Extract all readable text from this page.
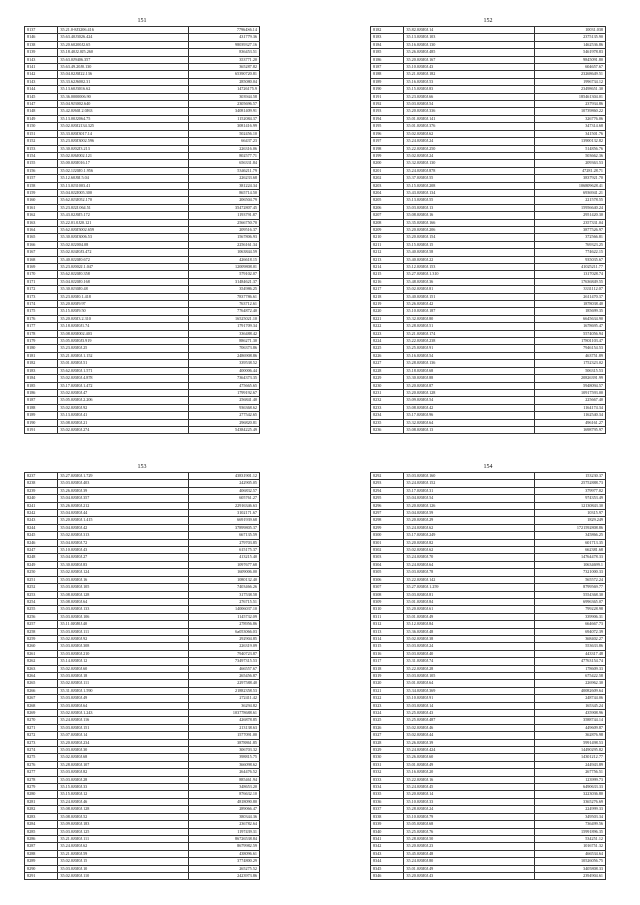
151
8137	35.21.0-8J3206.416	77964S6.14
8146	35.63.40J3026.424	431779.36
8138	35.20.60200J2.65	98039327.16
8139	35.18.40J2.0J5.260	836453.51
8143	35.63.0J9406.357	353771.20
8141	35.63.49.20J0.130	365287.82
8142	35.04.02J0J22.136	65390720.81
8143	35.33.62J6002.31	285080.04
8144	35.13.60J3016.62	14726175.9
8145	35.36.0000006.90	303944.58
8147	35.04.9J3002.640	2305696.57
8148	35.42.0J60J.2.0J63	34081409.91
8149	35.13.00J2064.75	1152084.37
8150	35.02.0J0J2134.325	3081416.99
8151	35.33.0J0J3017.14	502456.10
8152	35.23.0J0J3002.596	66437.23
8153	35.30.0J02J3.213	226316.06
8154	35.02.0J6J002.121	802577.71
8155	35.00.0J0J016.17	656331.84
8156	35.02.1J20J0.1.956	5346211.79
8157	35.12.60J0J.5.04	226233.68
8158	35.13.0J31003.41	381224.34
8159	35.04.0J2J005.300	865714.50
8160	35.62.0J3J052.170	206504.79
8161	35.23.0J2J.064.51	35472807.45
8162	35.43.02J0J5.172	1193791.87
8163	35.22.01.0J20.121	2566750.70
8164	35.62.0J0J5002.659	209516.37
8165	35.30.0J0J3006.53	1567806.93
8166	35.02.0J2004.08	2256161.34
8167	35.02.0J4J0J3.472	1063844.59
8168	35.40.0J20J0.672	426618.15
8169	35.23.0J002J.1.047	12009808.01
8170	35.62.0J20J0.358	579102.07
8171	35.04.0J20J0.168	31484621.37
8172	35.30.0J30J0.48	354986.25
8173	35.23.0J0J0.1.418	7837786.61
8174	35.20.0J0J9.97	763712.61
8175	35.15.0J0J9.50	7764872.40
8176	35.20.0J0J3.2.310	16525021.10
8177	35.18.0J0J0J1.74	1791709.34
8178	35.08.0J0J002.403	336488.42
8179	35.05.0J0J0J3.919	886271.30
8180	35.23.0J0J0J.25	706373.86
8181	35.21.0J0J0J.1.152	2486908.86
8182	35.01.0J0J0J.51	339538.52
8183	35.62.0J0J0J.1.571	400006.44
8184	35.02.0J0J0J.4.878	7364373.35
8185	35.17.0J0J0J.1.472	475665.65
8186	35.02.0J0J0J.47	1799192.67
8187	35.05.0J0J0J.2.206	256841.40
8188	35.02.0J0J0J.92	936368.62
8189	35.13.0J0J0J.41	277542.65
8190	35.08.0J0J0J.21	296820.81
8191	35.02.0J0J0J.274	54384225.49
152
8182	35.82.0J0J0J.14	10031.038
8183	35.13.0J0J0J.103	2375135.90
8184	35.16.0J0J0J.130	1462536.86
8185	35.26.0J0J0J.485	5461978.83
8186	35.20.0J0J0J.167	9845091.80
8187	35.10.0J0J0J.43	604657.67
8188	35.21.0J0J0J.182	23268649.51
8189	35.16.0J0J0J.53	1996734.12
8190	35.15.0J0J0J.83	23498651.30
8191	35.23.0J0J0J.66	185461304.01
8192	35.03.0J0J0J.54	237934.86
8193	35.20.0J0J0J.336	10739860.22
8194	35.01.0J0J0J.141	326776.06
8195	35.01.0J0J0J.376	347314.68
8196	35.02.0J0J0J.62	341501.76
8197	35.24.0J0J0J.24	13900132.82
8198	35.22.0J0J0J.250	514856.76
8199	35.02.0J0J0J.24	503662.36
8200	35.32.0J0J0J.130	209363.53
8201	35.24.0J0J0J.878	47281.28.71
8202	35.37.0J0J0J.55	3837921.70
8203	35.15.0J0J0J.208	106809628.41
8204	35.43.0J0J0J.134	6936941.21
8205	35.13.0J0J0J.55	221578.55
8206	35.03.0J0J0J.13	15956640.24
8207	35.08.0J0J0J.16	2951420.30
8208	35.35.0J0J0J.166	2357331.04
8209	35.20.0J0J0J.206	3877526.97
8210	35.20.0J0J0J.154	372566.81
8211	35.15.0J0J0J.15	769323.25
8212	35.40.0J0J0J.58	774622.15
8213	35.40.0J0J0J.22	935035.67
8214	35.12.0J0J0J.153	41025211.77
8215	35.27.0J0J0J.1.310	1317028.74
8216	35.48.0J0J0J.36	17636849.55
8217	35.02.0J0J0J.81	3331112.07
8218	35.40.0J0J0J.151	2611470.37
8219	35.26.0J0J0J.42	1878038.40
8220	35.10.0J0J0J.187	185699.35
8221	35.32.0J0J0J.80	6645634.90
8222	35.28.0J0J0J.51	1678695.47
8223	35.21.0J0J0J.174	5574056.94
8224	35.22.0J0J0J.238	17801103.47
8225	35.25.0J0J0J.91	7946154.53
8226	35.16.0J0J0J.54	463751.89
8227	35.28.0J0J0J.136	1752323.02
8228	35.18.0J0J0J.68	506315.53
8229	35.30.0J0J0J.88	20826391.99
8230	35.20.0J0J0J.87	5948094.57
8231	35.20.0J0J0J.128	10917593.00
8232	35.09.0J0J0J.54	225667.40
8233	35.08.0J0J0J.42	1164174.34
8234	35.17.0J0J0J.96	1162540.34
8235	35.32.0J0J0J.64	496161.27
8236	35.08.0J0J0J.13	1698795.97
153
8237	35.27.0J0J0J.1.729	43831901.12
8238	35.03.0J0J0J.403	242905.05
8239	35.26.0J0J0J.39	406832.57
8240	35.04.0J0J0J.357	605761.27
8241	35.26.0J0J0J.212	22916346.63
8242	35.04.0J0J0J.44	3102171.67
8243	35.20.0J0J0J.1.415	6691939.68
8244	35.04.0J0J0J.42	37899805.37
8245	35.02.0J0J0J.313	667135.59
8246	35.04.0J0J0J.72	279703.85
8247	35.10.0J0J0J.43	615175.37
8248	35.04.0J0J0J.27	413215.40
8249	35.30.0J0J0J.83	1097677.68
8250	35.02.0J0J0J.124	1609006.00
8251	35.03.0J0J0J.16	1080132.40
8252	35.03.0J0J0J.105	7403466.26
8253	35.08.0J0J0J.128	317538.58
8254	35.08.0J0J0J.64	276715.51
8255	35.03.0J0J0J.133	14006037.10
8256	35.03.0J0J0J.106	1145732.09
8257	35.11.0J0J0J.40	278956.86
8258	35.03.0J0J0J.111	6a053066.03
8259	35.02.0J0J0J.92	292904.85
8260	35.03.0J0J0J.308	226319.09
8261	35.03.0J0J0J.210	7940723.87
8262	35.14.0J0J0J.12	73497315.53
8263	35.02.0J0J0J.60	466557.67
8264	35.03.0J0J0J.18	265456.87
8265	35.02.0J0J0J.111	2297588.40
8266	35.31.0J0J0J.1.590	21882358.53
8267	35.03.0J0J0J.49	272411.42
8268	35.03.0J0J0J.64	36294.82
8269	35.02.0J0J0J.1.243	103778688.61
8270	35.24.0J0J0J.116	426878.85
8271	35.03.0J0J0J.151	213138.63
8272	35.07.0J0J0J.14	1577091.00
8273	35.20.0J0J0J.234	3878861.85
8274	35.03.0J0J0J.30	306703.32
8275	35.02.0J0J0J.68	398815.75
8276	35.28.0J0J0J.107	366098.62
8277	35.03.0J0J0J.82	264476.52
8278	35.03.0J0J0J.28	885461.94
8279	35.15.0J0J0J.33	348653.20
8280	35.15.0J0J0J.12	876632.10
8281	35.24.0J0J0J.46	4818090.80
8282	35.08.0J0J0J.128	289066.47
8283	35.08.0J0J0J.52	380344.36
8284	35.09.0J0J0J.183	236782.64
8285	35.03.0J0J0J.125	1197439.31
8286	35.21.0J0J0J.111	86726538.84
8287	35.24.0J0J0J.62	8679982.59
8288	35.21.0J0J0J.59	438096.61
8289	35.02.0J0J0J.15	3774800.29
8290	35.03.0J0J0J.10	265275.52
8291	35.02.0J0J0J.110	2423973.86
154
8292	35.03.0J0J0J.160	153230.37
8293	35.24.0J0J0J.152	25752888.73
8294	35.17.0J0J0J.31	379977.02
8295	35.04.0J0J0J.54	974353.49
8296	35.20.0J0J0J.126	12130843.30
8297	35.04.0J0J0J.59	10315.97
8298	35.20.0J0J0J.29	1829.249
8299	35.24.0J0J0J.62	1721592808.86
8300	35.17.0J0J0J.249	345866.25
8301	35.20.0J0J0J.82	601713.35
8302	35.02.0J0J0J.62	662381.68
8303	35.24.0J0J0J.70	14764478.33
8304	35.24.0J0J0J.64	10634699.1
8305	35.03.0J0J0J.78	7321000.33
8306	35.22.0J0J0J.142	565572.24
8307	35.27.0J0J0J.1.259	8799569.77
8308	35.03.0J0J0J.81	5554368.30
8309	35.01.0J0J0J.84	6996365.07
8310	35.20.0J0J0J.61	799228.98
8311	35.01.0J0J0J.49	339906.31
8312	35.12.0J0J0J.84	664667.73
8313	35.36.0J0J0J.48	694072.39
8314	35.02.0J0J0J.38	368402.27
8315	35.03.0J0J0J.24	553633.86
8316	35.03.0J0J0J.40	443317.48
8317	35.31.0J0J0J.74	47763154.74
8318	35.22.0J0J0J.28	178609.33
8319	35.03.0J0J0J.105	675422.58
8320	35.01.0J0J0J.64	226962.30
8321	35.34.0J0J0J.369	40082609.64
8322	35.10.0J0J0J.91	248744.06
8323	35.03.0J0J0J.14	165345.24
8324	35.25.0J0J0J.43	435908.96
8325	35.25.0J0J0J.487	3588744.14
8326	35.02.0J0J0J.46	449609.87
8327	35.02.0J0J0J.44	362876.98
8328	35.26.0J0J0J.39	5991498.53
8329	35.24.0J0J0J.424	14490295.82
8330	35.26.0J0J0J.60	14301212.77
8331	35.01.0J0J0J.49	244943.89
8332	35.16.0J0J0J.20	267756.51
8333	35.22.0J0J0J.16	123999.73
8334	35.24.0J0J0J.45	6490633.33
8335	35.20.0J0J0J.14	3223036.80
8336	35.10.0J0J0J.33	3365276.69
8337	35.28.0J0J0J.24	224999.33
8338	35.10.0J0J0J.79	349503.34
8339	35.05.0J0J0J.68	736499.56
8340	35.25.0J0J0J.76	15991896.35
8341	35.28.0J0J0J.50	534251.12
8342	35.20.0J0J0J.23	1016751.32
8343	35.45.0J0J0J.48	466534.64
8344	35.24.0J0J0J.80	10526056.75
8345	35.01.0J0J0J.49	3405808.33
8346	35.20.0J0J0J.43	2394904.61
